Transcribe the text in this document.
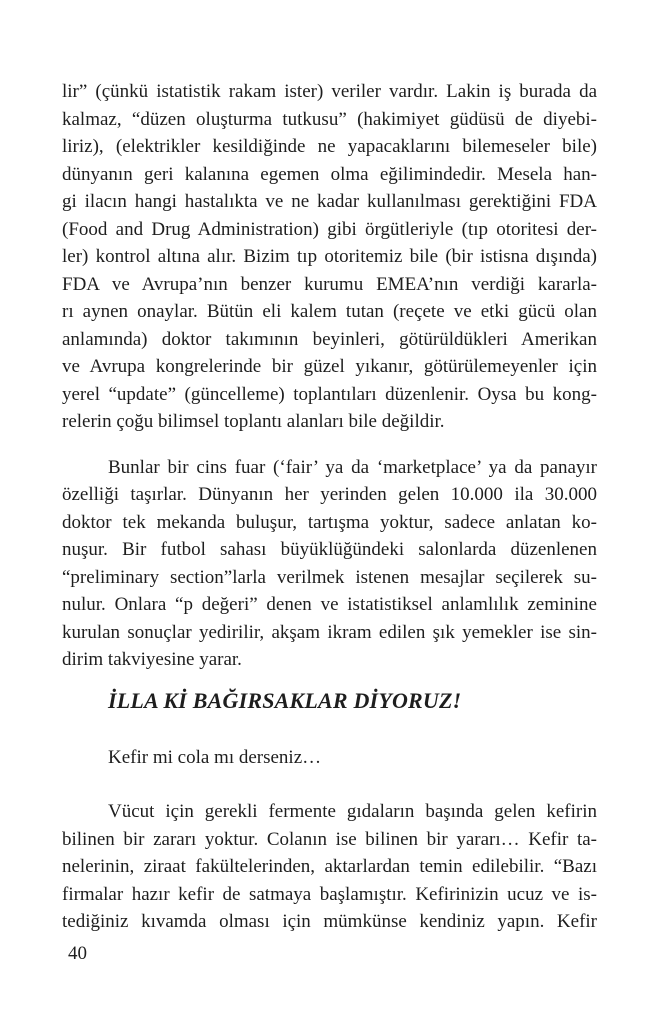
lir” (çünkü istatistik rakam ister) veriler vardır. Lakin iş burada da
kalmaz, “düzen oluşturma tutkusu” (hakimiyet güdüsü de diyebi-
liriz), (elektrikler kesildiğinde ne yapacaklarını bilemeseler bile)
dünyanın geri kalanına egemen olma eğilimindedir. Mesela han-
gi ilacın hangi hastalıkta ve ne kadar kullanılması gerektiğini FDA
(Food and Drug Administration) gibi örgütleriyle (tıp otoritesi der-
ler) kontrol altına alır. Bizim tıp otoritemiz bile (bir istisna dışında)
FDA ve Avrupa’nın benzer kurumu EMEA’nın verdiği kararla-
rı aynen onaylar. Bütün eli kalem tutan (reçete ve etki gücü olan
anlamında) doktor takımının beyinleri, götürüldükleri Amerikan
ve Avrupa kongrelerinde bir güzel yıkanır, götürülemeyenler için
yerel “update” (güncelleme) toplantıları düzenlenir. Oysa bu kong-
relerin çoğu bilimsel toplantı alanları bile değildir.
Bunlar bir cins fuar (‘fair’ ya da ‘marketplace’ ya da panayır
özelliği taşırlar. Dünyanın her yerinden gelen 10.000 ila 30.000
doktor tek mekanda buluşur, tartışma yoktur, sadece anlatan ko-
nuşur. Bir futbol sahası büyüklüğündeki salonlarda düzenlenen
“preliminary section”larla verilmek istenen mesajlar seçilerek su-
nulur. Onlara “p değeri” denen ve istatistiksel anlamlılık zeminine
kurulan sonuçlar yedirilir, akşam ikram edilen şık yemekler ise sin-
dirim takviyesine yarar.
İLLA Kİ BAĞIRSAKLAR DİYORUZ!
Kefir mi cola mı derseniz…
Vücut için gerekli fermente gıdaların başında gelen kefirin
bilinen bir zararı yoktur. Colanın ise bilinen bir yararı… Kefir ta-
nelerinin, ziraat fakültelerinden, aktarlardan temin edilebilir. “Bazı
firmalar hazır kefir de satmaya başlamıştır. Kefirinizin ucuz ve is-
tediğiniz kıvamda olması için mümkünse kendiniz yapın. Kefir
40
